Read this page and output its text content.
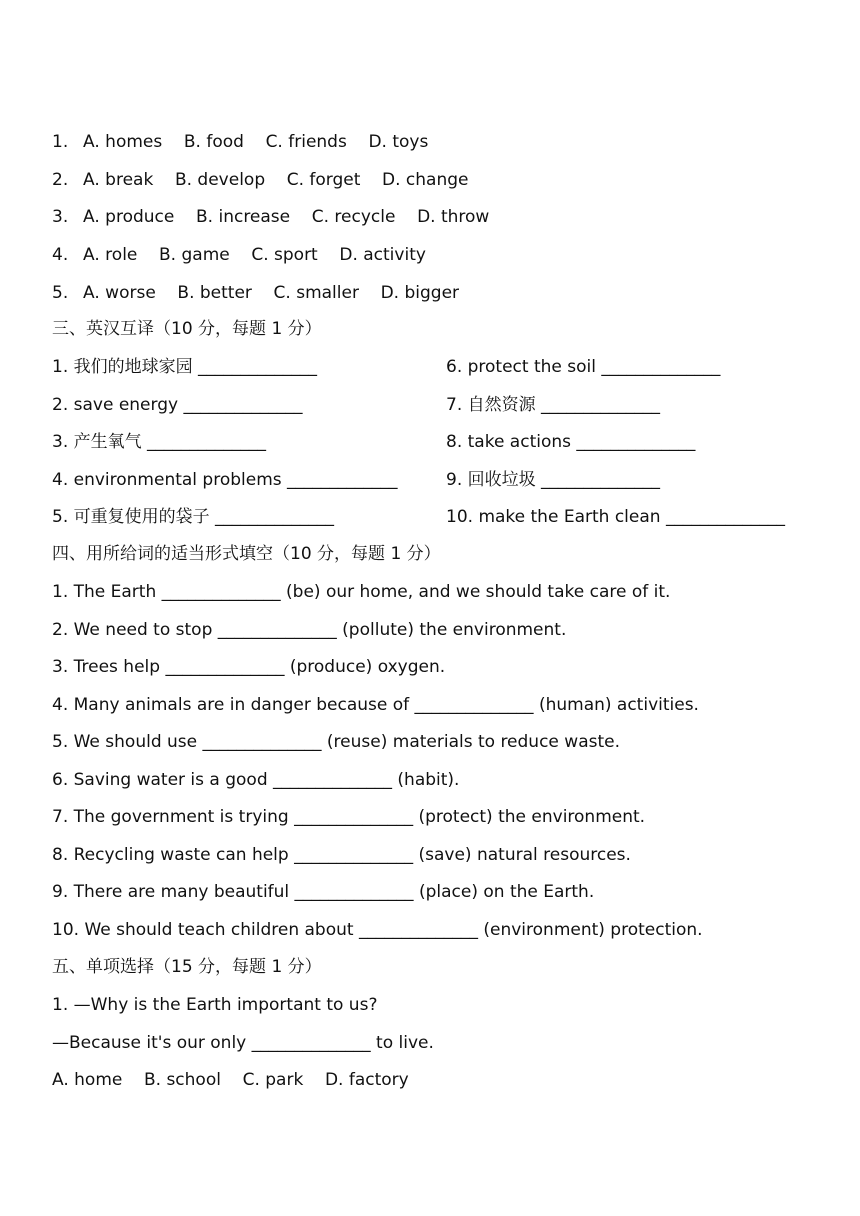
1. A. homes B. food C. friends D. toys
2. A. break B. develop C. forget D. change
3. A. produce B. increase C. recycle D. throw
4. A. role B. game C. sport D. activity
5. A. worse B. better C. smaller D. bigger
三、英汉互译（10 分，每题 1 分）
1. 我们的地球家园 ______________	6. protect the soil ______________
2. save energy ______________	7. 自然资源 ______________
3. 产生氧气 ______________	8. take actions ______________
4. environmental problems _____________	9. 回收垃圾 ______________
5. 可重复使用的袋子 ______________	10. make the Earth clean ______________
四、用所给词的适当形式填空（10 分，每题 1 分）
1. The Earth ______________ (be) our home, and we should take care of it.
2. We need to stop ______________ (pollute) the environment.
3. Trees help ______________ (produce) oxygen.
4. Many animals are in danger because of ______________ (human) activities.
5. We should use ______________ (reuse) materials to reduce waste.
6. Saving water is a good ______________ (habit).
7. The government is trying ______________ (protect) the environment.
8. Recycling waste can help ______________ (save) natural resources.
9. There are many beautiful ______________ (place) on the Earth.
10. We should teach children about ______________ (environment) protection.
五、单项选择（15 分，每题 1 分）
1. —Why is the Earth important to us?
—Because it's our only ______________ to live.
A. home B. school C. park D. factory
